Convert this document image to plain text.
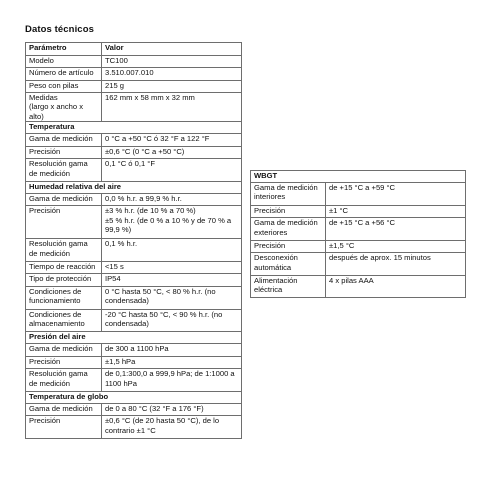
Datos técnicos
Parámetro	Valor
Modelo	TC100
Número de artículo	3.510.007.010
Peso con pilas	215 g
Medidas
(largo x ancho x alto)	162 mm x 58 mm x 32 mm
Temperatura	
Gama de medición	0 °C a +50 °C ó 32 °F a 122 °F
Precisión	±0,6 °C (0 °C a +50 °C)
Resolución gama de medición	0,1 °C ó 0,1 °F
Humedad relativa del aire	
Gama de medición	0,0 % h.r. a 99,9 % h.r.
Precisión	±3 % h.r. (de 10 % a 70 %)
±5 % h.r. (de 0 % a 10 % y de 70 % a 99,9 %)
Resolución gama de medición	0,1 % h.r.
Tiempo de reacción	<15 s
Tipo de protección	IP54
Condiciones de funcionamiento	0 °C hasta 50 °C, < 80 % h.r. (no condensada)
Condiciones de almacenamiento	-20 °C hasta 50 °C, < 90 % h.r. (no condensada)
Presión del aire	
Gama de medición	de 300 a 1100 hPa
Precisión	±1,5 hPa
Resolución gama de medición	de 0,1:300,0 a 999,9 hPa; de 1:1000 a 1100 hPa
Temperatura de globo	
Gama de medición	de 0 a 80 °C (32 °F a 176 °F)
Precisión	±0,6 °C (de 20 hasta 50 °C), de lo contrario ±1 °C
WBGT	
Gama de medición interiores	de +15 °C a +59 °C
Precisión	±1 °C
Gama de medición exteriores	de +15 °C a +56 °C
Precisión	±1,5 °C
Desconexión automática	después de aprox. 15 minutos
Alimentación eléctrica	4 x pilas AAA
